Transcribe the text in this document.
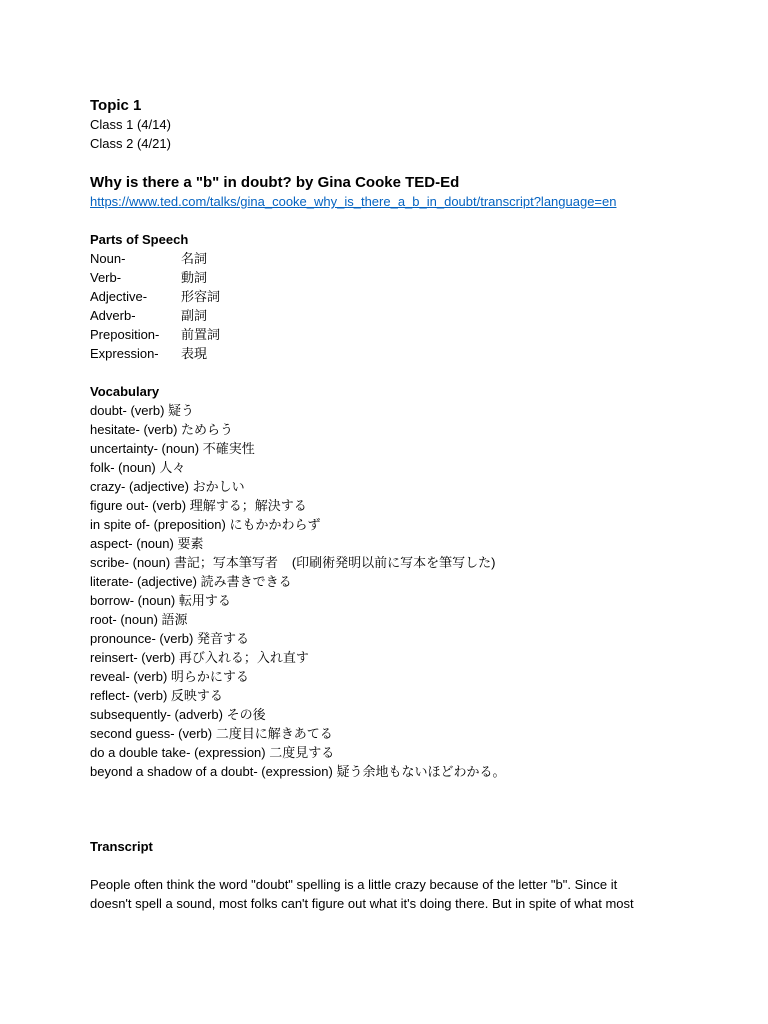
Topic 1
Class 1 (4/14)
Class 2 (4/21)
Why is there a "b" in doubt? by Gina Cooke TED-Ed
https://www.ted.com/talks/gina_cooke_why_is_there_a_b_in_doubt/transcript?language=en
Parts of Speech
Noun-	名詞
Verb-	動詞
Adjective-	形容詞
Adverb-	副詞
Preposition-	前置詞
Expression-	表現
Vocabulary
doubt- (verb) 疑う
hesitate- (verb) ためらう
uncertainty- (noun) 不確実性
folk- (noun) 人々
crazy- (adjective) おかしい
figure out- (verb) 理解する；解決する
in spite of- (preposition) にもかかわらず
aspect- (noun) 要素
scribe- (noun) 書記；写本筆写者 (印刷術発明以前に写本を筆写した)
literate- (adjective) 読み書きできる
borrow- (noun) 転用する
root- (noun) 語源
pronounce- (verb) 発音する
reinsert- (verb) 再び入れる；入れ直す
reveal- (verb) 明らかにする
reflect- (verb) 反映する
subsequently- (adverb) その後
second guess- (verb) 二度目に解きあてる
do a double take- (expression) 二度見する
beyond a shadow of a doubt- (expression) 疑う余地もないほどわかる。
Transcript
People often think the word "doubt" spelling is a little crazy because of the letter "b". Since it
doesn't spell a sound, most folks can't figure out what it's doing there. But in spite of what most
